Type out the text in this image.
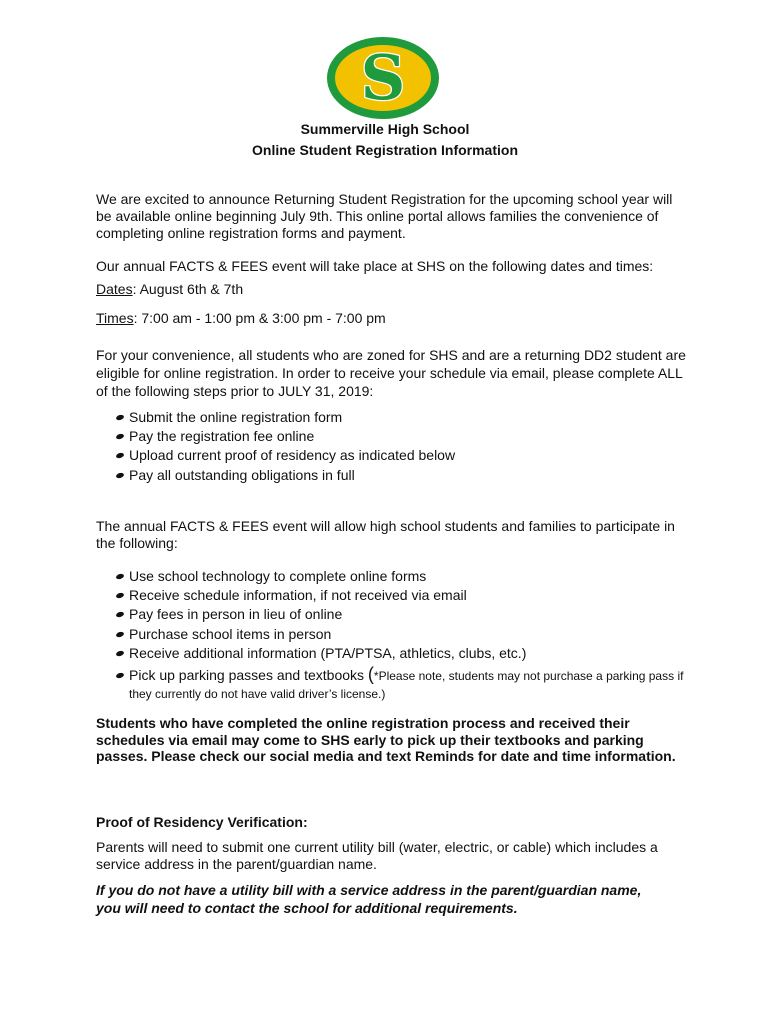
S
Summerville High School
Online Student Registration Information
We are excited to announce Returning Student Registration for the upcoming school year will be available online beginning July 9th. This online portal allows families the convenience of completing online registration forms and payment.
Our annual FACTS & FEES event will take place at SHS on the following dates and times:
Dates: August 6th & 7th
Times: 7:00 am - 1:00 pm & 3:00 pm - 7:00 pm
For your convenience, all students who are zoned for SHS and are a returning DD2 student are eligible for online registration. In order to receive your schedule via email, please complete ALL of the following steps prior to JULY 31, 2019:
Submit the online registration form
Pay the registration fee online
Upload current proof of residency as indicated below
Pay all outstanding obligations in full
The annual FACTS & FEES event will allow high school students and families to participate in the following:
Use school technology to complete online forms
Receive schedule information, if not received via email
Pay fees in person in lieu of online
Purchase school items in person
Receive additional information (PTA/PTSA, athletics, clubs, etc.)
Pick up parking passes and textbooks (*Please note, students may not purchase a parking pass if they currently do not have valid driver’s license.)
Students who have completed the online registration process and received their schedules via email may come to SHS early to pick up their textbooks and parking passes. Please check our social media and text Reminds for date and time information.
Proof of Residency Verification:
Parents will need to submit one current utility bill (water, electric, or cable) which includes a service address in the parent/guardian name.
If you do not have a utility bill with a service address in the parent/guardian name, you will need to contact the school for additional requirements.
